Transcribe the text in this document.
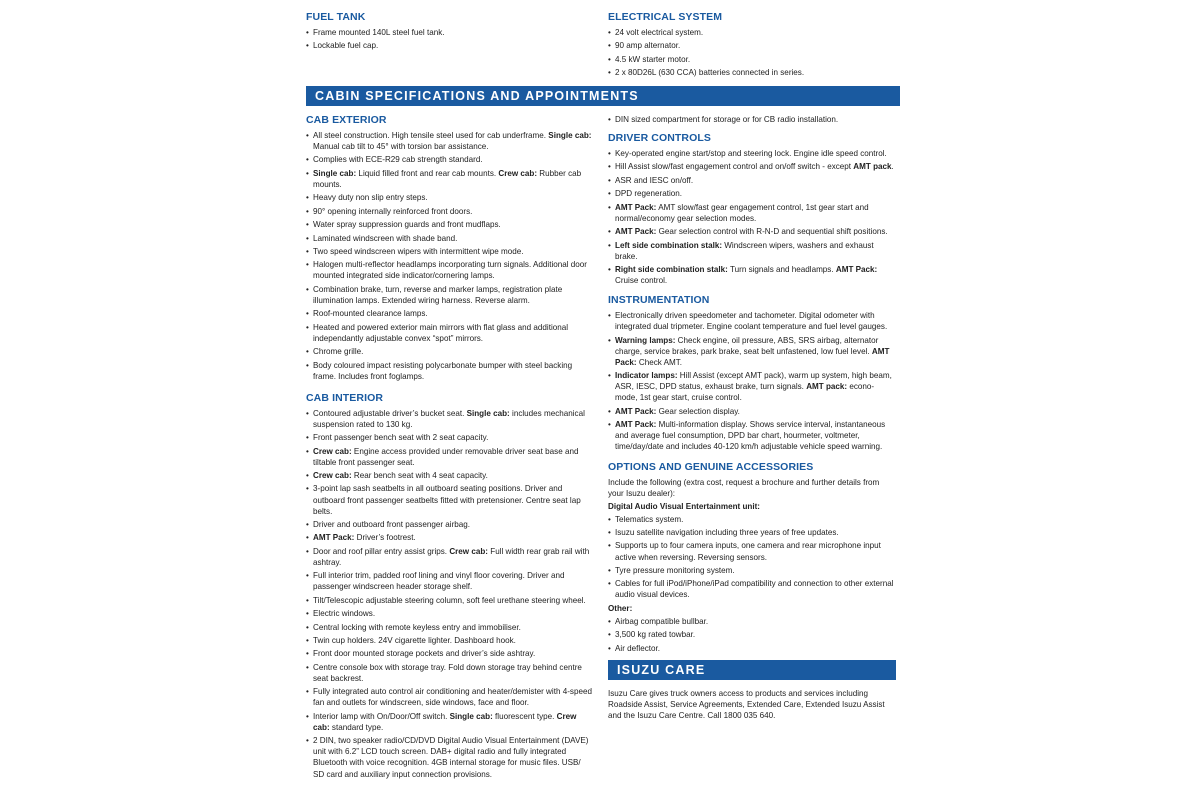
FUEL TANK
• Frame mounted 140L steel fuel tank.
• Lockable fuel cap.
ELECTRICAL SYSTEM
• 24 volt electrical system.
• 90 amp alternator.
• 4.5 kW starter motor.
• 2 x 80D26L (630 CCA) batteries connected in series.
CABIN SPECIFICATIONS AND APPOINTMENTS
CAB EXTERIOR
• All steel construction. High tensile steel used for cab underframe. Single cab: Manual cab tilt to 45° with torsion bar assistance.
• Complies with ECE-R29 cab strength standard.
• Single cab: Liquid filled front and rear cab mounts. Crew cab: Rubber cab mounts.
• Heavy duty non slip entry steps.
• 90° opening internally reinforced front doors.
• Water spray suppression guards and front mudflaps.
• Laminated windscreen with shade band.
• Two speed windscreen wipers with intermittent wipe mode.
• Halogen multi-reflector headlamps incorporating turn signals. Additional door mounted integrated side indicator/cornering lamps.
• Combination brake, turn, reverse and marker lamps, registration plate illumination lamps. Extended wiring harness. Reverse alarm.
• Roof-mounted clearance lamps.
• Heated and powered exterior main mirrors with flat glass and additional independantly adjustable convex “spot” mirrors.
• Chrome grille.
• Body coloured impact resisting polycarbonate bumper with steel backing frame. Includes front foglamps.
CAB INTERIOR
• Contoured adjustable driver’s bucket seat. Single cab: includes mechanical suspension rated to 130 kg.
• Front passenger bench seat with 2 seat capacity.
• Crew cab: Engine access provided under removable driver seat base and tiltable front passenger seat.
• Crew cab: Rear bench seat with 4 seat capacity.
• 3-point lap sash seatbelts in all outboard seating positions. Driver and outboard front passenger seatbelts fitted with pretensioner. Centre seat lap belts.
• Driver and outboard front passenger airbag.
• AMT Pack: Driver’s footrest.
• Door and roof pillar entry assist grips. Crew cab: Full width rear grab rail with ashtray.
• Full interior trim, padded roof lining and vinyl floor covering. Driver and passenger windscreen header storage shelf.
• Tilt/Telescopic adjustable steering column, soft feel urethane steering wheel.
• Electric windows.
• Central locking with remote keyless entry and immobiliser.
• Twin cup holders. 24V cigarette lighter. Dashboard hook.
• Front door mounted storage pockets and driver’s side ashtray.
• Centre console box with storage tray. Fold down storage tray behind centre seat backrest.
• Fully integrated auto control air conditioning and heater/demister with 4-speed fan and outlets for windscreen, side windows, face and floor.
• Interior lamp with On/Door/Off switch. Single cab: fluorescent type. Crew cab: standard type.
• 2 DIN, two speaker radio/CD/DVD Digital Audio Visual Entertainment (DAVE) unit with 6.2” LCD touch screen. DAB+ digital radio and fully integrated Bluetooth with voice recognition. 4GB internal storage for music files. USB/ SD card and auxiliary input connection provisions.
• DIN sized compartment for storage or for CB radio installation.
DRIVER CONTROLS
• Key-operated engine start/stop and steering lock. Engine idle speed control.
• Hill Assist slow/fast engagement control and on/off switch - except AMT pack.
• ASR and IESC on/off.
• DPD regeneration.
• AMT Pack: AMT slow/fast gear engagement control, 1st gear start and normal/economy gear selection modes.
• AMT Pack: Gear selection control with R-N-D and sequential shift positions.
• Left side combination stalk: Windscreen wipers, washers and exhaust brake.
• Right side combination stalk: Turn signals and headlamps. AMT Pack: Cruise control.
INSTRUMENTATION
• Electronically driven speedometer and tachometer. Digital odometer with integrated dual tripmeter. Engine coolant temperature and fuel level gauges.
• Warning lamps: Check engine, oil pressure, ABS, SRS airbag, alternator charge, service brakes, park brake, seat belt unfastened, low fuel level. AMT Pack: Check AMT.
• Indicator lamps: Hill Assist (except AMT pack), warm up system, high beam, ASR, IESC, DPD status, exhaust brake, turn signals. AMT pack: econo-mode, 1st gear start, cruise control.
• AMT Pack: Gear selection display.
• AMT Pack: Multi-information display. Shows service interval, instantaneous and average fuel consumption, DPD bar chart, hourmeter, voltmeter, time/day/date and includes 40-120 km/h adjustable vehicle speed warning.
OPTIONS AND GENUINE ACCESSORIES
Include the following (extra cost, request a brochure and further details from your Isuzu dealer):
Digital Audio Visual Entertainment unit:
• Telematics system.
• Isuzu satellite navigation including three years of free updates.
• Supports up to four camera inputs, one camera and rear microphone input active when reversing. Reversing sensors.
• Tyre pressure monitoring system.
• Cables for full iPod/iPhone/iPad compatibility and connection to other external audio visual devices.
Other:
• Airbag compatible bullbar.
• 3,500 kg rated towbar.
• Air deflector.
ISUZU CARE
Isuzu Care gives truck owners access to products and services including Roadside Assist, Service Agreements, Extended Care, Extended Isuzu Assist and the Isuzu Care Centre. Call 1800 035 640.
